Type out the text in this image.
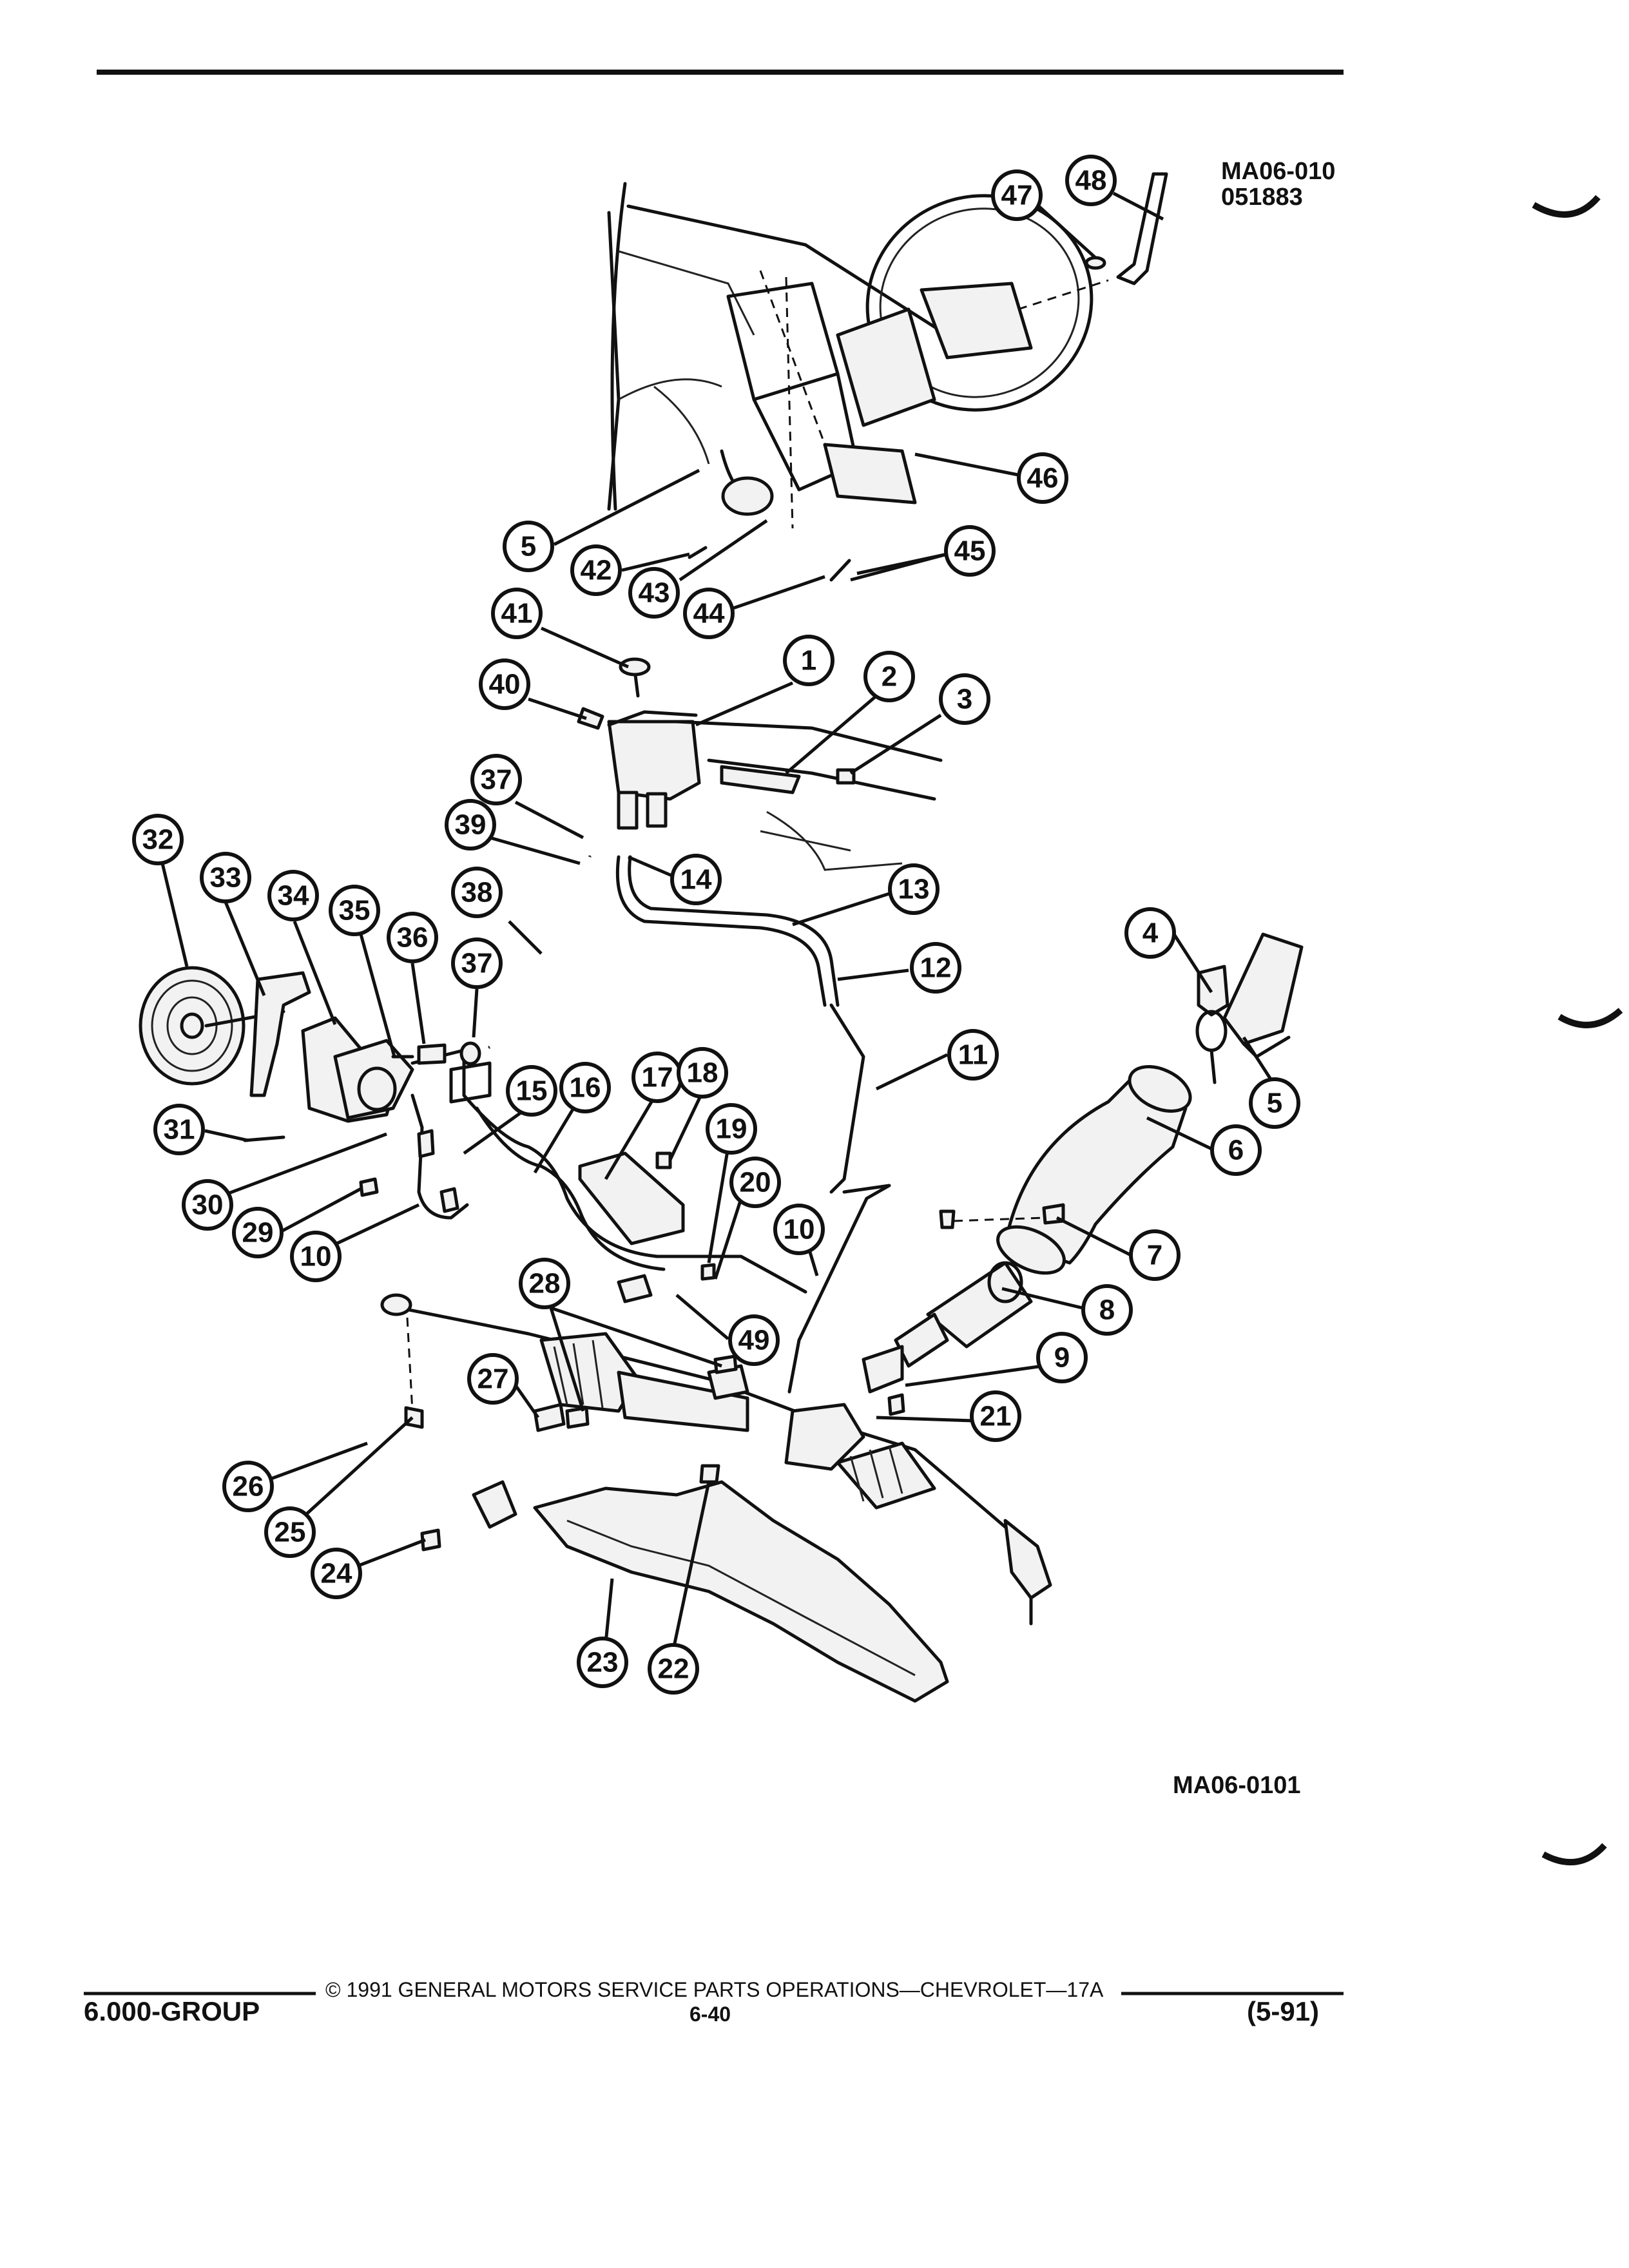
48
47
46
5
42
43
44
45
41
40
1
2
3
37
39
14	13
38
32
33
34 35
36
37	12
4
5
11
6
15 16 17 18
19
31
30
29
10
20
10
7
8
49
28
9
27
21
26
25
24
23 22
MA06-010
051883
MA06-0101
© 1991 GENERAL MOTORS SERVICE PARTS OPERATIONS—CHEVROLET—17A
6.000-GROUP	6-40	(5-91)
